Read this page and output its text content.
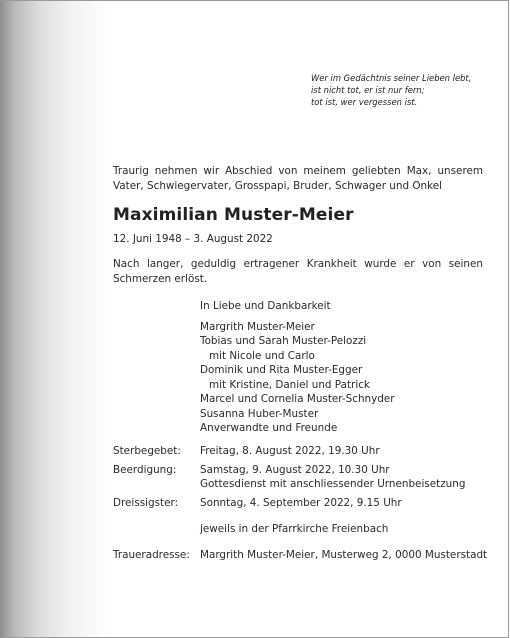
Wer im Gedächtnis seiner Lieben lebt,
ist nicht tot, er ist nur fern;
tot ist, wer vergessen ist.
Traurig nehmen wir Abschied von meinem geliebten Max, unserem Vater, Schwiegervater, Grosspapi, Bruder, Schwager und Onkel
Maximilian Muster-Meier
12. Juni 1948 – 3. August 2022
Nach langer, geduldig ertragener Krankheit wurde er von seinen Schmerzen erlöst.
In Liebe und Dankbarkeit
Margrith Muster-Meier
Tobias und Sarah Muster-Pelozzi
mit Nicole und Carlo
Dominik und Rita Muster-Egger
mit Kristine, Daniel und Patrick
Marcel und Cornelia Muster-Schnyder
Susanna Huber-Muster
Anverwandte und Freunde
Sterbegebet: Freitag, 8. August 2022, 19.30 Uhr
Beerdigung: Samstag, 9. August 2022, 10.30 Uhr
Gottesdienst mit anschliessender Urnenbeisetzung
Dreissigster: Sonntag, 4. September 2022, 9.15 Uhr
jeweils in der Pfarrkirche Freienbach
Traueradresse: Margrith Muster-Meier, Musterweg 2, 0000 Musterstadt
